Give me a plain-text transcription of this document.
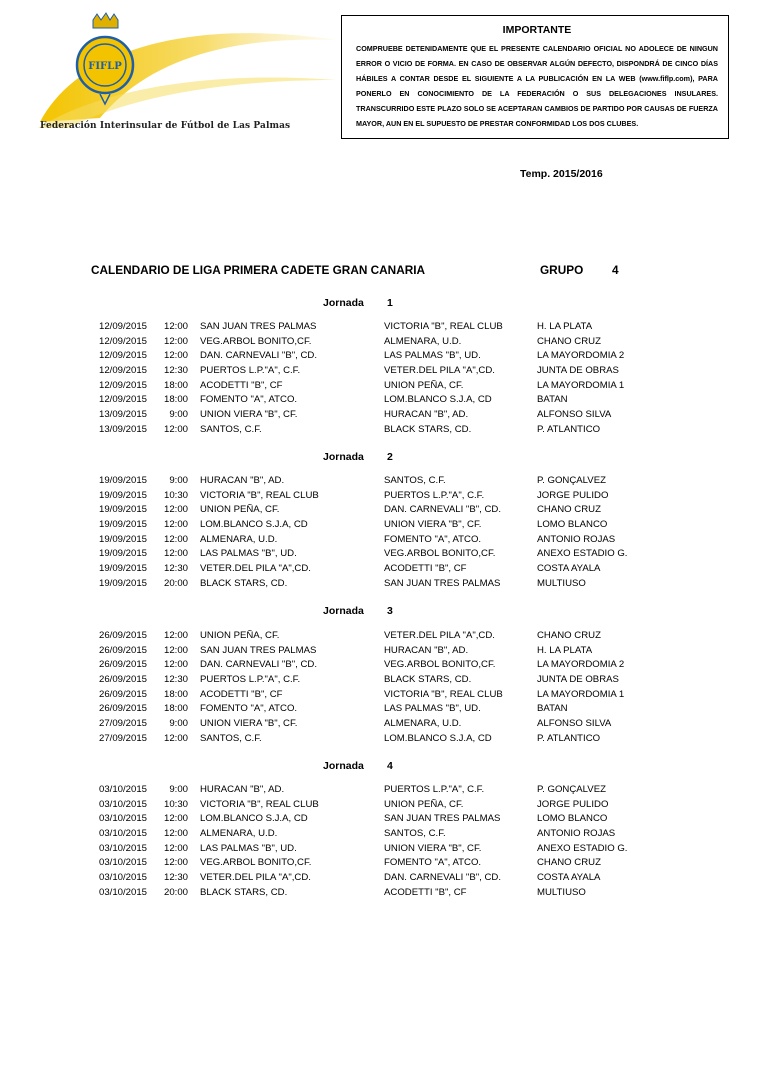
FIFLP
Federación Interinsular de Fútbol de Las Palmas
IMPORTANTE
COMPRUEBE DETENIDAMENTE QUE EL PRESENTE CALENDARIO OFICIAL NO ADOLECE DE NINGUN ERROR O VICIO DE FORMA. EN CASO DE OBSERVAR ALGÚN DEFECTO, DISPONDRÁ DE CINCO DÍAS HÁBILES A CONTAR DESDE EL SIGUIENTE A LA PUBLICACIÓN EN LA WEB (www.fiflp.com), PARA PONERLO EN CONOCIMIENTO DE LA FEDERACIÓN O SUS DELEGACIONES INSULARES. TRANSCURRIDO ESTE PLAZO SOLO SE ACEPTARAN CAMBIOS DE PARTIDO POR CAUSAS DE FUERZA MAYOR, AUN EN EL SUPUESTO DE PRESTAR CONFORMIDAD LOS DOS CLUBES.
Temp. 2015/2016
CALENDARIO DE LIGA PRIMERA CADETE GRAN CANARIA	GRUPO 4
Jornada 1
Jornada 2
Jornada 3
Jornada 4
12/09/2015 12:00 SAN JUAN TRES PALMAS	VICTORIA "B", REAL CLUB	H. LA PLATA
12/09/2015 12:00 VEG.ARBOL BONITO,CF.	ALMENARA, U.D.	CHANO CRUZ
12/09/2015 12:00 DAN. CARNEVALI "B", CD.	LAS PALMAS "B", UD.	LA MAYORDOMIA 2
12/09/2015 12:30 PUERTOS L.P."A", C.F.	VETER.DEL PILA "A",CD.	JUNTA DE OBRAS
12/09/2015 18:00 ACODETTI "B", CF	UNION PEÑA, CF.	LA MAYORDOMIA 1
12/09/2015 18:00 FOMENTO "A", ATCO.	LOM.BLANCO S.J.A, CD	BATAN
13/09/2015 9:00 UNION VIERA "B", CF.	HURACAN "B", AD.	ALFONSO SILVA
13/09/2015 12:00 SANTOS, C.F.	BLACK STARS, CD.	P. ATLANTICO
19/09/2015 9:00 HURACAN "B", AD.	SANTOS, C.F.	P. GONÇALVEZ
19/09/2015 10:30 VICTORIA "B", REAL CLUB	PUERTOS L.P."A", C.F.	JORGE PULIDO
19/09/2015 12:00 UNION PEÑA, CF.	DAN. CARNEVALI "B", CD.	CHANO CRUZ
19/09/2015 12:00 LOM.BLANCO S.J.A, CD	UNION VIERA "B", CF.	LOMO BLANCO
19/09/2015 12:00 ALMENARA, U.D.	FOMENTO "A", ATCO.	ANTONIO ROJAS
19/09/2015 12:00 LAS PALMAS "B", UD.	VEG.ARBOL BONITO,CF.	ANEXO ESTADIO G.
19/09/2015 12:30 VETER.DEL PILA "A",CD.	ACODETTI "B", CF	COSTA AYALA
19/09/2015 20:00 BLACK STARS, CD.	SAN JUAN TRES PALMAS	MULTIUSO
26/09/2015 12:00 UNION PEÑA, CF.	VETER.DEL PILA "A",CD.	CHANO CRUZ
26/09/2015 12:00 SAN JUAN TRES PALMAS	HURACAN "B", AD.	H. LA PLATA
26/09/2015 12:00 DAN. CARNEVALI "B", CD.	VEG.ARBOL BONITO,CF.	LA MAYORDOMIA 2
26/09/2015 12:30 PUERTOS L.P."A", C.F.	BLACK STARS, CD.	JUNTA DE OBRAS
26/09/2015 18:00 ACODETTI "B", CF	VICTORIA "B", REAL CLUB	LA MAYORDOMIA 1
26/09/2015 18:00 FOMENTO "A", ATCO.	LAS PALMAS "B", UD.	BATAN
27/09/2015 9:00 UNION VIERA "B", CF.	ALMENARA, U.D.	ALFONSO SILVA
27/09/2015 12:00 SANTOS, C.F.	LOM.BLANCO S.J.A, CD	P. ATLANTICO
03/10/2015 9:00 HURACAN "B", AD.	PUERTOS L.P."A", C.F.	P. GONÇALVEZ
03/10/2015 10:30 VICTORIA "B", REAL CLUB	UNION PEÑA, CF.	JORGE PULIDO
03/10/2015 12:00 LOM.BLANCO S.J.A, CD	SAN JUAN TRES PALMAS	LOMO BLANCO
03/10/2015 12:00 ALMENARA, U.D.	SANTOS, C.F.	ANTONIO ROJAS
03/10/2015 12:00 LAS PALMAS "B", UD.	UNION VIERA "B", CF.	ANEXO ESTADIO G.
03/10/2015 12:00 VEG.ARBOL BONITO,CF.	FOMENTO "A", ATCO.	CHANO CRUZ
03/10/2015 12:30 VETER.DEL PILA "A",CD.	DAN. CARNEVALI "B", CD.	COSTA AYALA
03/10/2015 20:00 BLACK STARS, CD.	ACODETTI "B", CF	MULTIUSO
